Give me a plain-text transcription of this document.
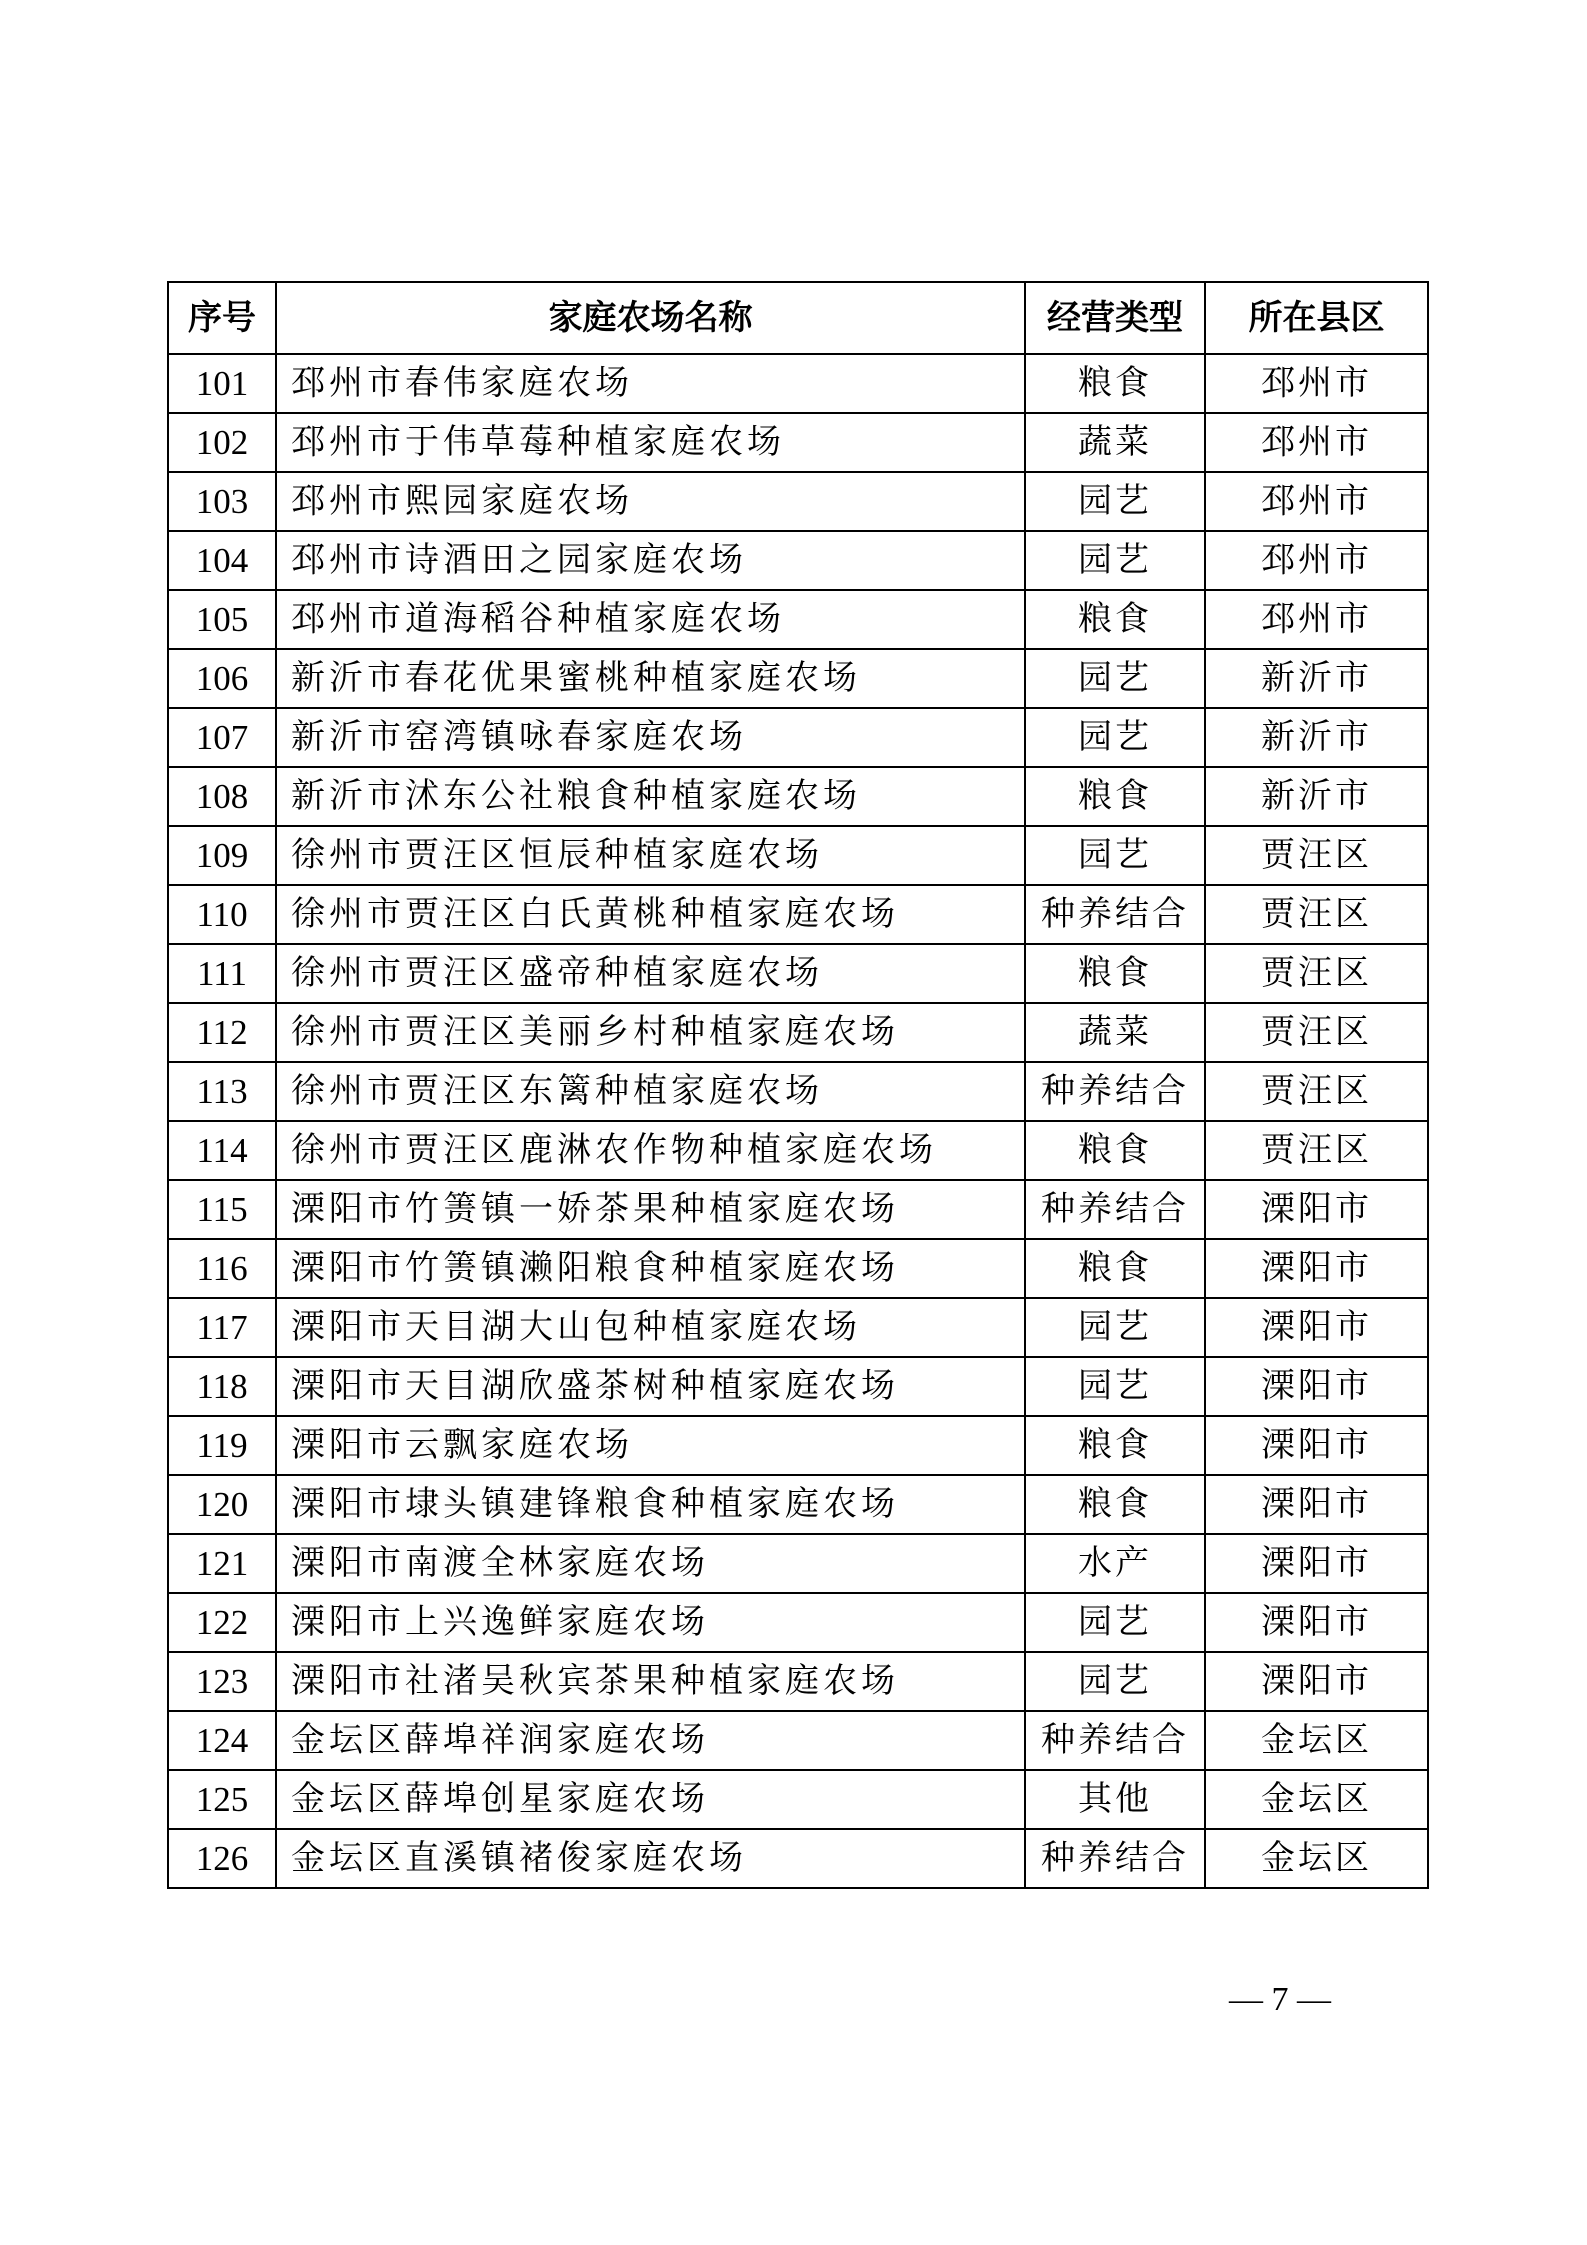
序号	家庭农场名称	经营类型	所在县区
101	邳州市春伟家庭农场	粮食	邳州市
102	邳州市于伟草莓种植家庭农场	蔬菜	邳州市
103	邳州市熙园家庭农场	园艺	邳州市
104	邳州市诗酒田之园家庭农场	园艺	邳州市
105	邳州市道海稻谷种植家庭农场	粮食	邳州市
106	新沂市春花优果蜜桃种植家庭农场	园艺	新沂市
107	新沂市窑湾镇咏春家庭农场	园艺	新沂市
108	新沂市沭东公社粮食种植家庭农场	粮食	新沂市
109	徐州市贾汪区恒辰种植家庭农场	园艺	贾汪区
110	徐州市贾汪区白氏黄桃种植家庭农场	种养结合	贾汪区
111	徐州市贾汪区盛帝种植家庭农场	粮食	贾汪区
112	徐州市贾汪区美丽乡村种植家庭农场	蔬菜	贾汪区
113	徐州市贾汪区东篱种植家庭农场	种养结合	贾汪区
114	徐州市贾汪区鹿淋农作物种植家庭农场	粮食	贾汪区
115	溧阳市竹箦镇一娇茶果种植家庭农场	种养结合	溧阳市
116	溧阳市竹箦镇濑阳粮食种植家庭农场	粮食	溧阳市
117	溧阳市天目湖大山包种植家庭农场	园艺	溧阳市
118	溧阳市天目湖欣盛茶树种植家庭农场	园艺	溧阳市
119	溧阳市云飘家庭农场	粮食	溧阳市
120	溧阳市埭头镇建锋粮食种植家庭农场	粮食	溧阳市
121	溧阳市南渡全林家庭农场	水产	溧阳市
122	溧阳市上兴逸鲜家庭农场	园艺	溧阳市
123	溧阳市社渚吴秋宾茶果种植家庭农场	园艺	溧阳市
124	金坛区薛埠祥润家庭农场	种养结合	金坛区
125	金坛区薛埠创星家庭农场	其他	金坛区
126	金坛区直溪镇褚俊家庭农场	种养结合	金坛区
— 7 —
